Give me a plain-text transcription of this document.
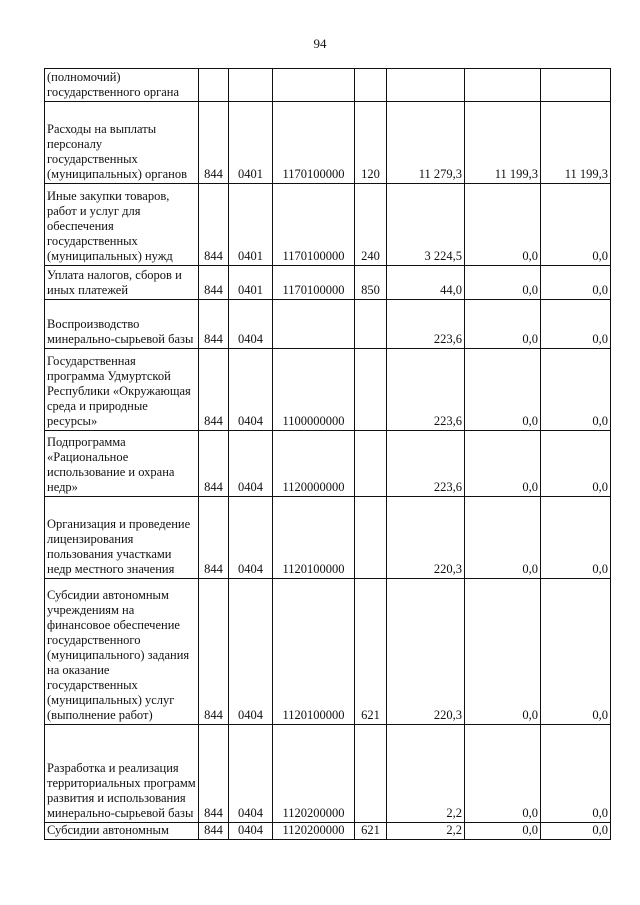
94
(полномочий) государственного органа							
Расходы на выплаты персоналу государственных (муниципальных) органов	844	0401	1170100000	120	11 279,3	11 199,3	11 199,3
Иные закупки товаров, работ и услуг для обеспечения государственных (муниципальных) нужд	844	0401	1170100000	240	3 224,5	0,0	0,0
Уплата налогов, сборов и иных платежей	844	0401	1170100000	850	44,0	0,0	0,0
Воспроизводство минерально-сырьевой базы	844	0404			223,6	0,0	0,0
Государственная программа Удмуртской Республики «Окружающая среда и природные ресурсы»	844	0404	1100000000		223,6	0,0	0,0
Подпрограмма «Рациональное использование и охрана недр»	844	0404	1120000000		223,6	0,0	0,0
Организация и проведение лицензирования пользования участками недр местного значения	844	0404	1120100000		220,3	0,0	0,0
Субсидии автономным учреждениям на финансовое обеспечение государственного (муниципального) задания на оказание государственных (муниципальных) услуг (выполнение работ)	844	0404	1120100000	621	220,3	0,0	0,0
Разработка и реализация территориальных программ развития и использования минерально-сырьевой базы	844	0404	1120200000		2,2	0,0	0,0
Субсидии автономным	844	0404	1120200000	621	2,2	0,0	0,0
